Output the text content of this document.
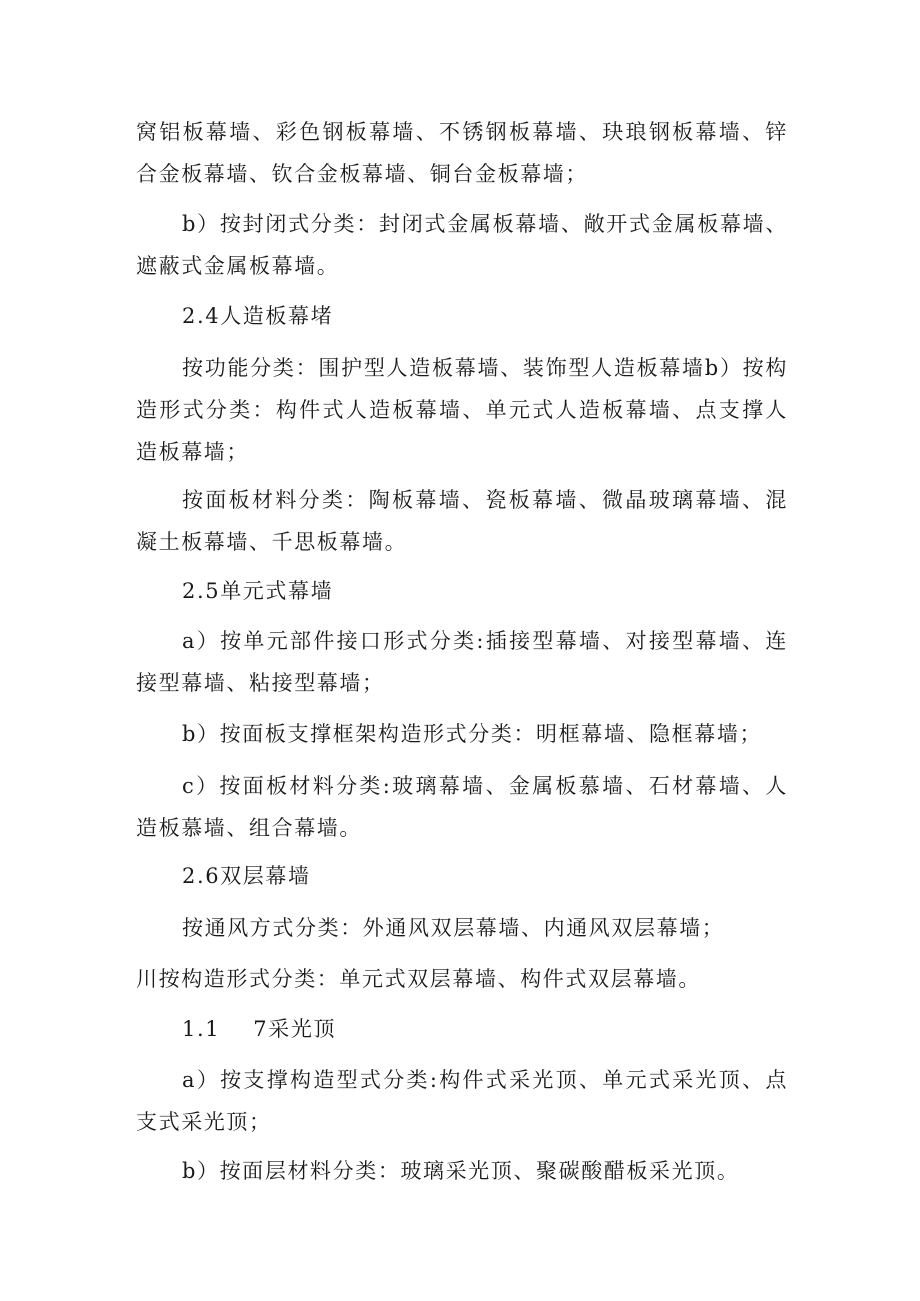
窝铝板幕墙、彩色钢板幕墙、不锈钢板幕墙、玦琅钢板幕墙、锌合金板幕墙、钦合金板幕墙、铜台金板幕墙；

b）按封闭式分类：封闭式金属板幕墙、敞开式金属板幕墙、遮蔽式金属板幕墙。

2.4人造板幕堵

按功能分类：围护型人造板幕墙、装饰型人造板幕墙b）按构造形式分类：构件式人造板幕墙、单元式人造板幕墙、点支撑人造板幕墙；

按面板材料分类：陶板幕墙、瓷板幕墙、微晶玻璃幕墙、混凝土板幕墙、千思板幕墙。

2.5单元式幕墙

a）按单元部件接口形式分类:插接型幕墙、对接型幕墙、连接型幕墙、粘接型幕墙；

b）按面板支撑框架构造形式分类：明框幕墙、隐框幕墙；

c）按面板材料分类:玻璃幕墙、金属板慕墙、石材幕墙、人造板慕墙、组合幕墙。

2.6双层幕墙

按通风方式分类：外通风双层幕墙、内通风双层幕墙；

川按构造形式分类：单元式双层幕墙、构件式双层幕墙。

1.1    7采光顶

a）按支撑构造型式分类:构件式采光顶、单元式采光顶、点支式采光顶；

b）按面层材料分类：玻璃采光顶、聚碳酸醋板采光顶。
